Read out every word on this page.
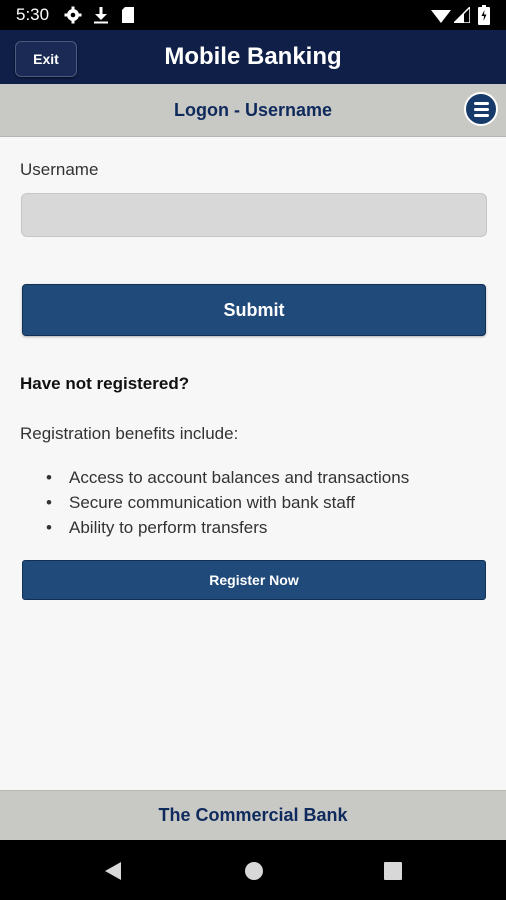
5:30
Exit	Mobile Banking
Logon - Username
Username
Submit
Have not registered?
Registration benefits include:
• Access to account balances and transactions
• Secure communication with bank staff
• Ability to perform transfers
Register Now
The Commercial Bank
